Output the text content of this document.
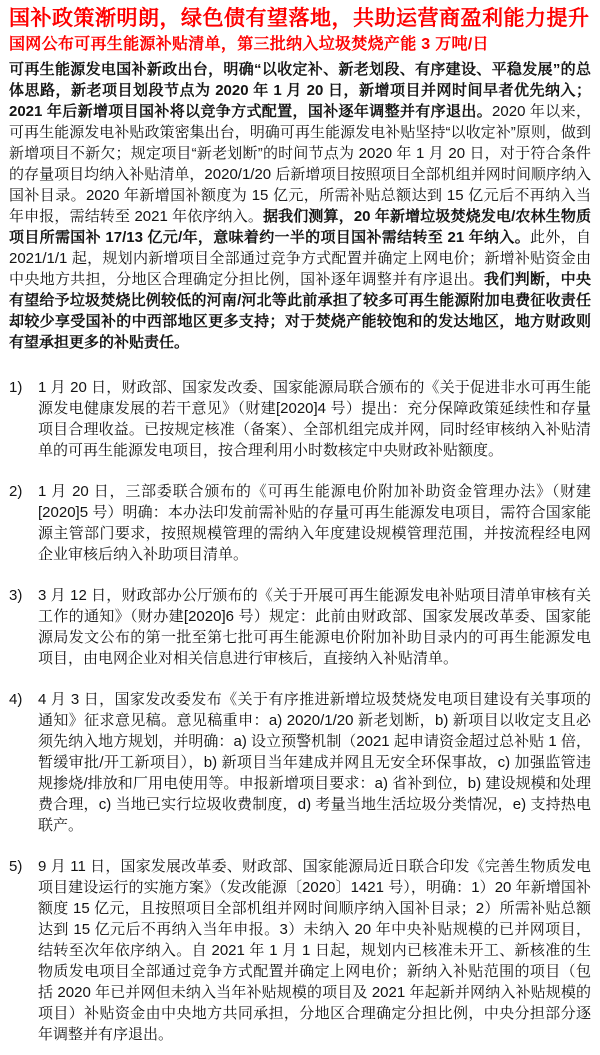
国补政策渐明朗，绿色债有望落地，共助运营商盈利能力提升
国网公布可再生能源补贴清单，第三批纳入垃圾焚烧产能 3 万吨/日
可再生能源发电国补新政出台，明确“以收定补、新老划段、有序建设、平稳发展”的总体思路，新老项目划段节点为 2020 年 1 月 20 日，新增项目并网时间早者优先纳入；2021 年后新增项目国补将以竞争方式配置，国补逐年调整并有序退出。2020 年以来，可再生能源发电补贴政策密集出台，明确可再生能源发电补贴坚持“以收定补”原则，做到新增项目不新欠；规定项目“新老划断”的时间节点为 2020 年 1 月 20 日，对于符合条件的存量项目均纳入补贴清单，2020/1/20 后新增项目按照项目全部机组并网时间顺序纳入国补目录。2020 年新增国补额度为 15 亿元，所需补贴总额达到 15 亿元后不再纳入当年申报，需结转至 2021 年依序纳入。据我们测算，20 年新增垃圾焚烧发电/农林生物质项目所需国补 17/13 亿元/年，意味着约一半的项目国补需结转至 21 年纳入。此外，自 2021/1/1 起，规划内新增项目全部通过竞争方式配置并确定上网电价；新增补贴资金由中央地方共担，分地区合理确定分担比例，国补逐年调整并有序退出。我们判断，中央有望给予垃圾焚烧比例较低的河南/河北等此前承担了较多可再生能源附加电费征收责任却较少享受国补的中西部地区更多支持；对于焚烧产能较饱和的发达地区，地方财政则有望承担更多的补贴责任。
1)	1 月 20 日，财政部、国家发改委、国家能源局联合颁布的《关于促进非水可再生能源发电健康发展的若干意见》（财建[2020]4 号）提出：充分保障政策延续性和存量项目合理收益。已按规定核准（备案）、全部机组完成并网，同时经审核纳入补贴清单的可再生能源发电项目，按合理利用小时数核定中央财政补贴额度。
2)	1 月 20 日，三部委联合颁布的《可再生能源电价附加补助资金管理办法》（财建[2020]5 号）明确：本办法印发前需补贴的存量可再生能源发电项目，需符合国家能源主管部门要求，按照规模管理的需纳入年度建设规模管理范围，并按流程经电网企业审核后纳入补助项目清单。
3)	3 月 12 日，财政部办公厅颁布的《关于开展可再生能源发电补贴项目清单审核有关工作的通知》（财办建[2020]6 号）规定：此前由财政部、国家发展改革委、国家能源局发文公布的第一批至第七批可再生能源电价附加补助目录内的可再生能源发电项目，由电网企业对相关信息进行审核后，直接纳入补贴清单。
4)	4 月 3 日，国家发改委发布《关于有序推进新增垃圾焚烧发电项目建设有关事项的通知》征求意见稿。意见稿重申：a) 2020/1/20 新老划断，b) 新项目以收定支且必须先纳入地方规划，并明确：a) 设立预警机制（2021 起申请资金超过总补贴 1 倍，暂缓审批/开工新项目），b) 新项目当年建成并网且无安全环保事故，c) 加强监管违规掺烧/排放和厂用电使用等。申报新增项目要求：a) 省补到位，b) 建设规模和处理费合理，c) 当地已实行垃圾收费制度，d) 考量当地生活垃圾分类情况，e) 支持热电联产。
5)	9 月 11 日，国家发展改革委、财政部、国家能源局近日联合印发《完善生物质发电项目建设运行的实施方案》（发改能源〔2020〕1421 号），明确：1）20 年新增国补额度 15 亿元，且按照项目全部机组并网时间顺序纳入国补目录；2）所需补贴总额达到 15 亿元后不再纳入当年申报。3）未纳入 20 年中央补贴规模的已并网项目，结转至次年依序纳入。自 2021 年 1 月 1 日起，规划内已核准未开工、新核准的生物质发电项目全部通过竞争方式配置并确定上网电价；新纳入补贴范围的项目（包括 2020 年已并网但未纳入当年补贴规模的项目及 2021 年起新并网纳入补贴规模的项目）补贴资金由中央地方共同承担，分地区合理确定分担比例，中央分担部分逐年调整并有序退出。
